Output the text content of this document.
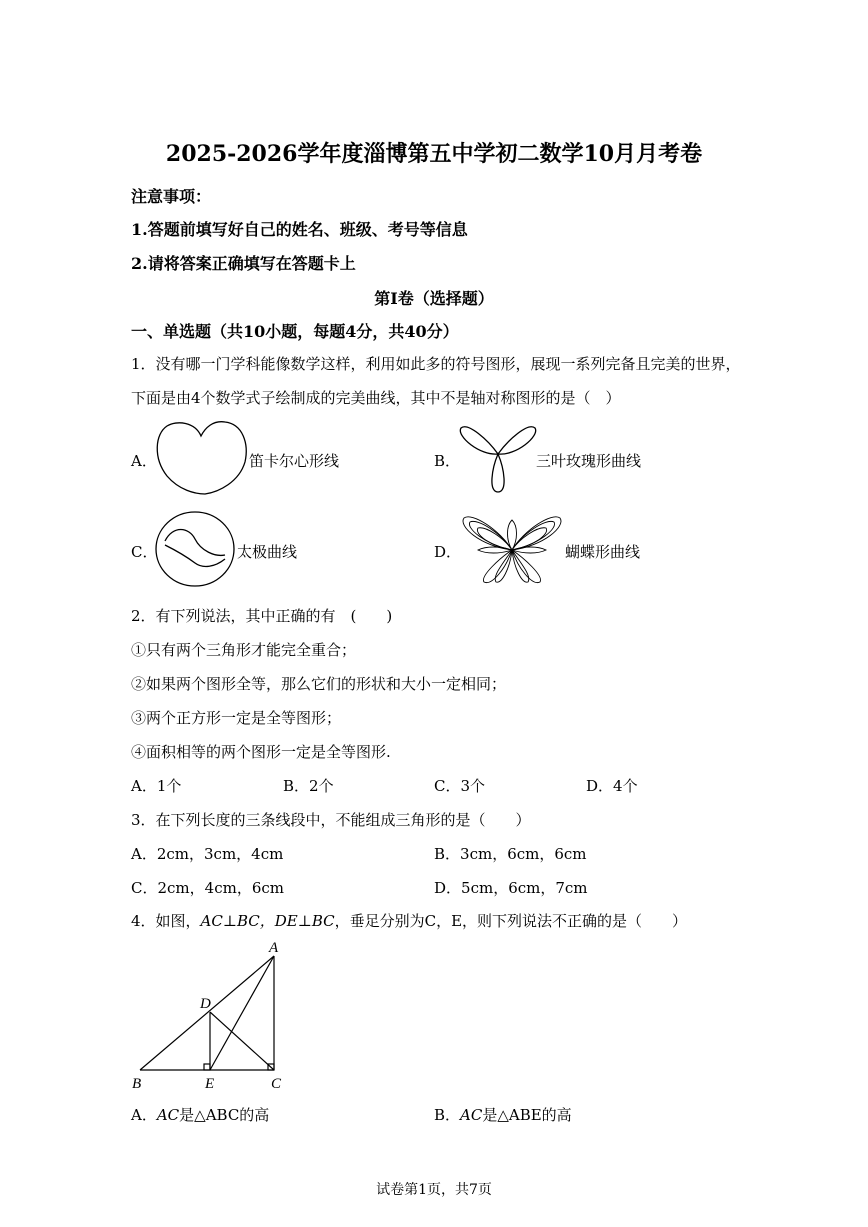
2025-2026学年度淄博第五中学初二数学10月月考卷
注意事项：
1.答题前填写好自己的姓名、班级、考号等信息
2.请将答案正确填写在答题卡上
第I卷（选择题）
一、单选题（共10小题，每题4分，共40分）
1．没有哪一门学科能像数学这样，利用如此多的符号图形，展现一系列完备且完美的世界，
下面是由4个数学式子绘制成的完美曲线，其中不是轴对称图形的是（　）
A．	笛卡尔心形线	B．	三叶玫瑰形曲线
C．	太极曲线	D．	蝴蝶形曲线
2．有下列说法，其中正确的有　(　　)
①只有两个三角形才能完全重合；
②如果两个图形全等，那么它们的形状和大小一定相同；
③两个正方形一定是全等图形；
④面积相等的两个图形一定是全等图形.
A．1个	B．2个	C．3个	D．4个
3．在下列长度的三条线段中，不能组成三角形的是（　　）
A．2cm，3cm，4cm	B．3cm，6cm，6cm
C．2cm，4cm，6cm	D．5cm，6cm，7cm
4．如图，AC⊥BC，DE⊥BC，垂足分别为C，E，则下列说法不正确的是（　　）
A
D
B	E	C
A．AC是△ABC的高	B．AC是△ABE的高
试卷第1页，共7页
